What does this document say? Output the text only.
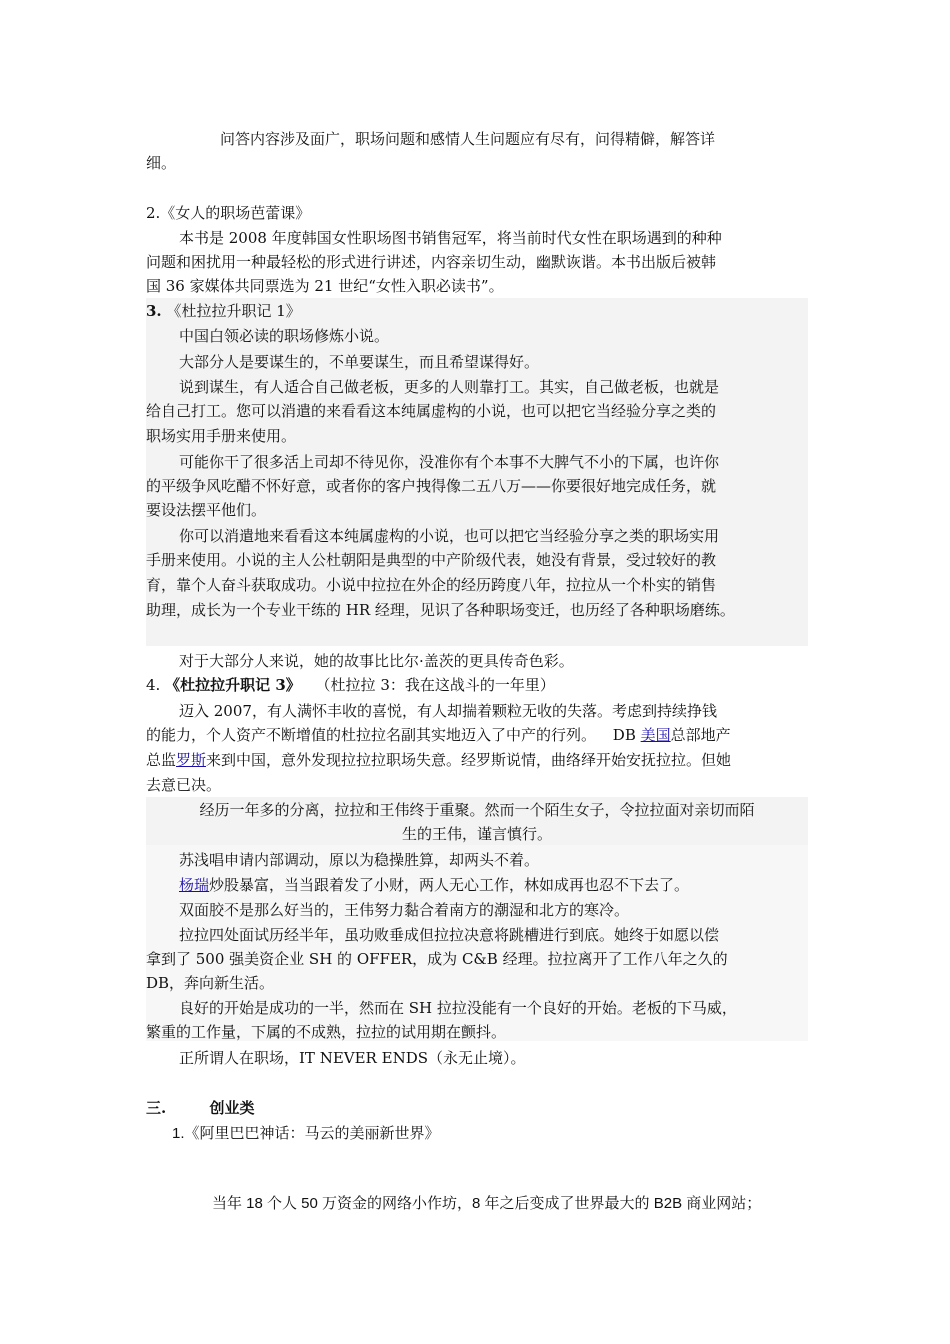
问答内容涉及面广，职场问题和感情人生问题应有尽有，问得精僻，解答详
细。
2.《女人的职场芭蕾课》
本书是 2008 年度韩国女性职场图书销售冠军，将当前时代女性在职场遇到的种种
问题和困扰用一种最轻松的形式进行讲述，内容亲切生动，幽默诙谐。本书出版后被韩
国 36 家媒体共同票选为 21 世纪“女性入职必读书”。
3. 《杜拉拉升职记 1》
中国白领必读的职场修炼小说。
大部分人是要谋生的，不单要谋生，而且希望谋得好。
说到谋生，有人适合自己做老板，更多的人则靠打工。其实，自己做老板，也就是
给自己打工。您可以消遣的来看看这本纯属虚构的小说，也可以把它当经验分享之类的
职场实用手册来使用。
可能你干了很多活上司却不待见你，没准你有个本事不大脾气不小的下属，也许你
的平级争风吃醋不怀好意，或者你的客户拽得像二五八万——你要很好地完成任务，就
要设法摆平他们。
你可以消遣地来看看这本纯属虚构的小说，也可以把它当经验分享之类的职场实用
手册来使用。小说的主人公杜朝阳是典型的中产阶级代表，她没有背景，受过较好的教
育，靠个人奋斗获取成功。小说中拉拉在外企的经历跨度八年，拉拉从一个朴实的销售
助理，成长为一个专业干练的 HR 经理，见识了各种职场变迁，也历经了各种职场磨练。
对于大部分人来说，她的故事比比尔·盖茨的更具传奇色彩。
4. 《杜拉拉升职记 3》 （杜拉拉 3：我在这战斗的一年里）
迈入 2007，有人满怀丰收的喜悦，有人却揣着颗粒无收的失落。考虑到持续挣钱
的能力，个人资产不断增值的杜拉拉名副其实地迈入了中产的行列。 DB 美国总部地产
总监罗斯来到中国，意外发现拉拉拉职场失意。经罗斯说情，曲络绎开始安抚拉拉。但她
去意已决。
经历一年多的分离，拉拉和王伟终于重聚。然而一个陌生女子，令拉拉面对亲切而陌
生的王伟，谨言慎行。
苏浅唱申请内部调动，原以为稳操胜算，却两头不着。
杨瑞炒股暴富，当当跟着发了小财，两人无心工作，林如成再也忍不下去了。
双面胶不是那么好当的，王伟努力黏合着南方的潮湿和北方的寒冷。
拉拉四处面试历经半年，虽功败垂成但拉拉决意将跳槽进行到底。她终于如愿以偿
拿到了 500 强美资企业 SH 的 OFFER，成为 C&B 经理。拉拉离开了工作八年之久的
DB，奔向新生活。
良好的开始是成功的一半，然而在 SH 拉拉没能有一个良好的开始。老板的下马威，
繁重的工作量，下属的不成熟，拉拉的试用期在颤抖。
正所谓人在职场，IT NEVER ENDS（永无止境）。
三.	创业类
1.《阿里巴巴神话：马云的美丽新世界》
当年 18 个人 50 万资金的网络小作坊，8 年之后变成了世界最大的 B2B 商业网站；
